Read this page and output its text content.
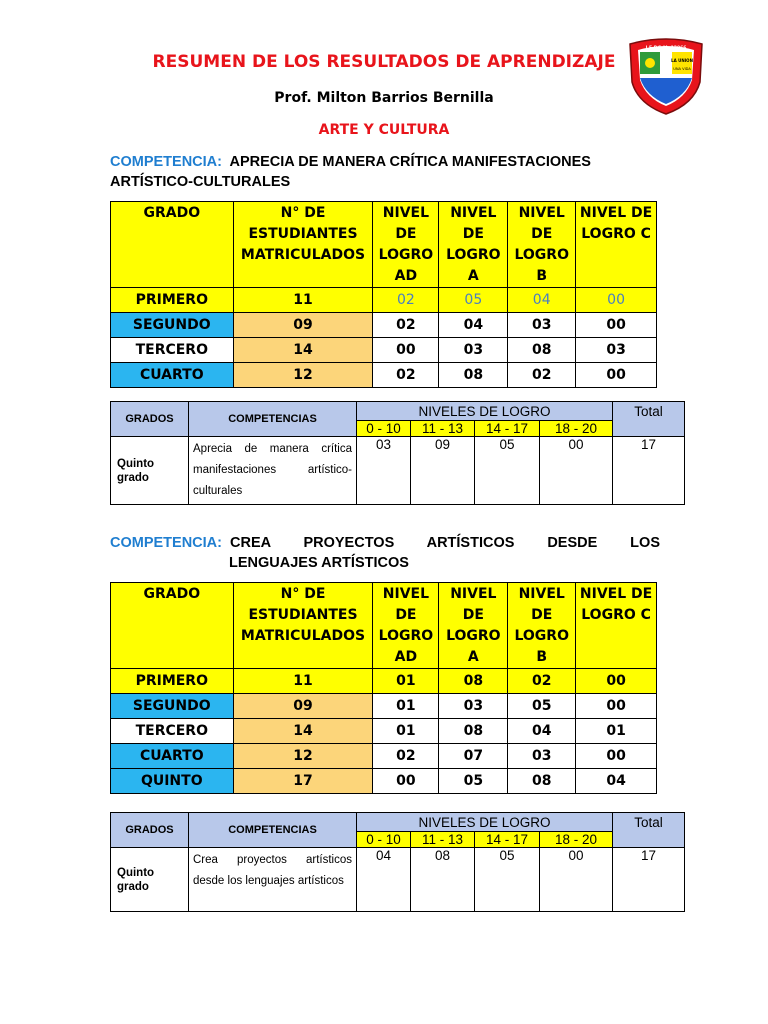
RESUMEN DE LOS RESULTADOS DE APRENDIZAJE
Prof. Milton Barrios Bernilla
ARTE Y CULTURA
I.E.P.S.M. 12066
LA UNION
UNA VIDA
COMPETENCIA: APRECIA DE MANERA CRÍTICA MANIFESTACIONES
ARTÍSTICO-CULTURALES
GRADO	N° DE ESTUDIANTES MATRICULADOS	NIVEL DE LOGRO AD	NIVEL DE LOGRO A	NIVEL DE LOGRO B	NIVEL DE LOGRO C
PRIMERO	11	02	05	04	00
SEGUNDO	09	02	04	03	00
TERCERO	14	00	03	08	03
CUARTO	12	02	08	02	00
GRADOS	COMPETENCIAS	NIVELES DE LOGRO				Total
		0 - 10	11 - 13	14 - 17	18 - 20	

Quinto
grado	Aprecia de manera crítica manifestaciones artístico-culturales	03	09	05	00	17
COMPETENCIA: CREA PROYECTOS ARTÍSTICOS DESDE LOS
LENGUAJES ARTÍSTICOS
GRADO	N° DE ESTUDIANTES MATRICULADOS	NIVEL DE LOGRO AD	NIVEL DE LOGRO A	NIVEL DE LOGRO B	NIVEL DE LOGRO C
PRIMERO	11	01	08	02	00
SEGUNDO	09	01	03	05	00
TERCERO	14	01	08	04	01
CUARTO	12	02	07	03	00
QUINTO	17	00	05	08	04
GRADOS	COMPETENCIAS	NIVELES DE LOGRO				Total
		0 - 10	11 - 13	14 - 17	18 - 20	

Quinto
grado	Crea proyectos artísticos desde los lenguajes artísticos	04	08	05	00	17
